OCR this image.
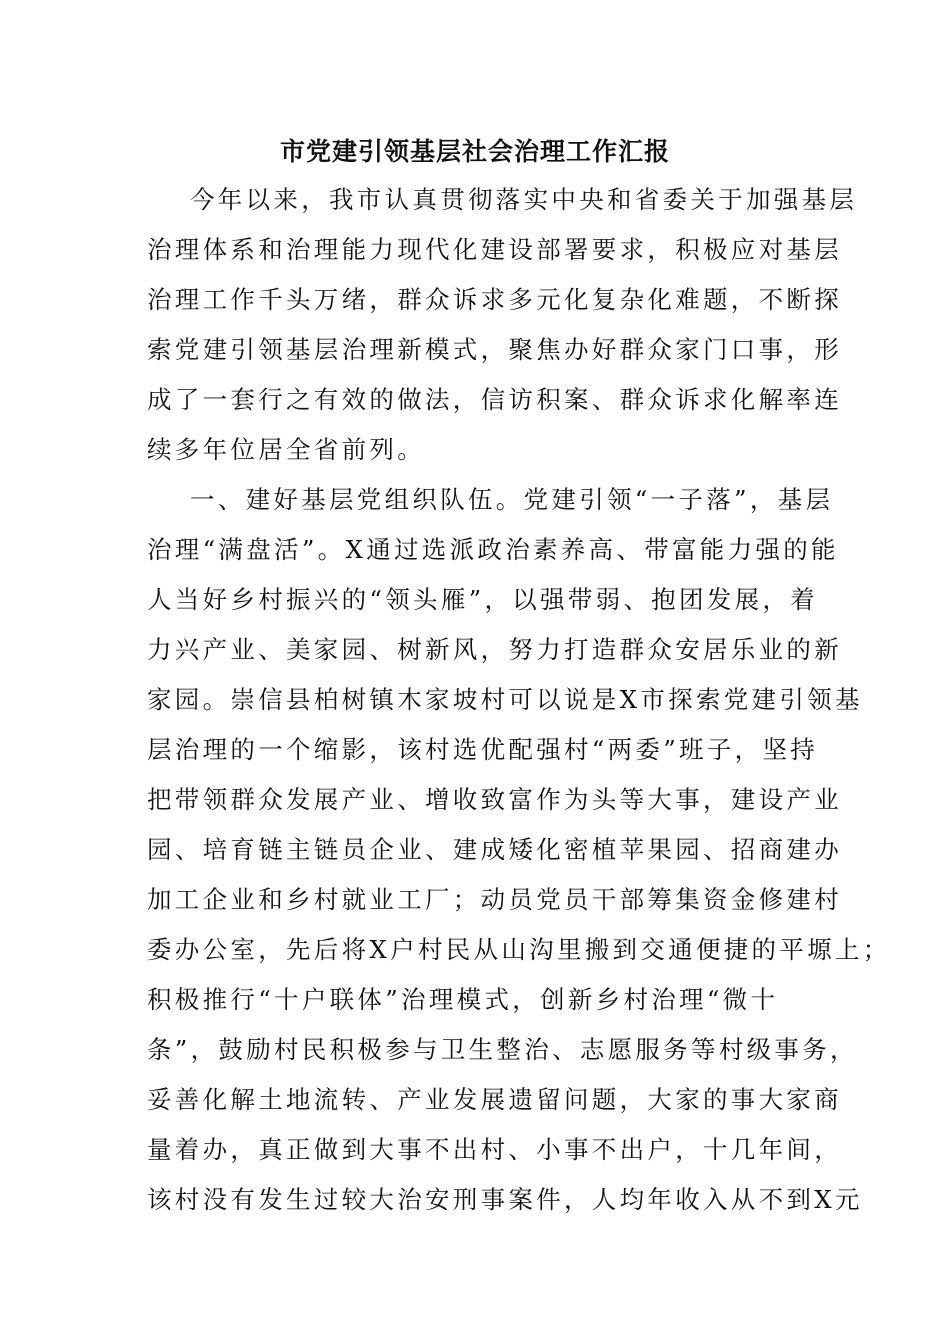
市党建引领基层社会治理工作汇报
今年以来，我市认真贯彻落实中央和省委关于加强基层
治理体系和治理能力现代化建设部署要求，积极应对基层
治理工作千头万绪，群众诉求多元化复杂化难题，不断探
索党建引领基层治理新模式，聚焦办好群众家门口事，形
成了一套行之有效的做法，信访积案、群众诉求化解率连
续多年位居全省前列。
一、建好基层党组织队伍。党建引领“一子落”，基层
治理“满盘活”。X通过选派政治素养高、带富能力强的能
人当好乡村振兴的“领头雁”，以强带弱、抱团发展，着
力兴产业、美家园、树新风，努力打造群众安居乐业的新
家园。崇信县柏树镇木家坡村可以说是X市探索党建引领基
层治理的一个缩影，该村选优配强村“两委”班子，坚持
把带领群众发展产业、增收致富作为头等大事，建设产业
园、培育链主链员企业、建成矮化密植苹果园、招商建办
加工企业和乡村就业工厂；动员党员干部筹集资金修建村
委办公室，先后将X户村民从山沟里搬到交通便捷的平塬上；
积极推行“十户联体”治理模式，创新乡村治理“微十
条”，鼓励村民积极参与卫生整治、志愿服务等村级事务，
妥善化解土地流转、产业发展遗留问题，大家的事大家商
量着办，真正做到大事不出村、小事不出户，十几年间，
该村没有发生过较大治安刑事案件，人均年收入从不到X元
